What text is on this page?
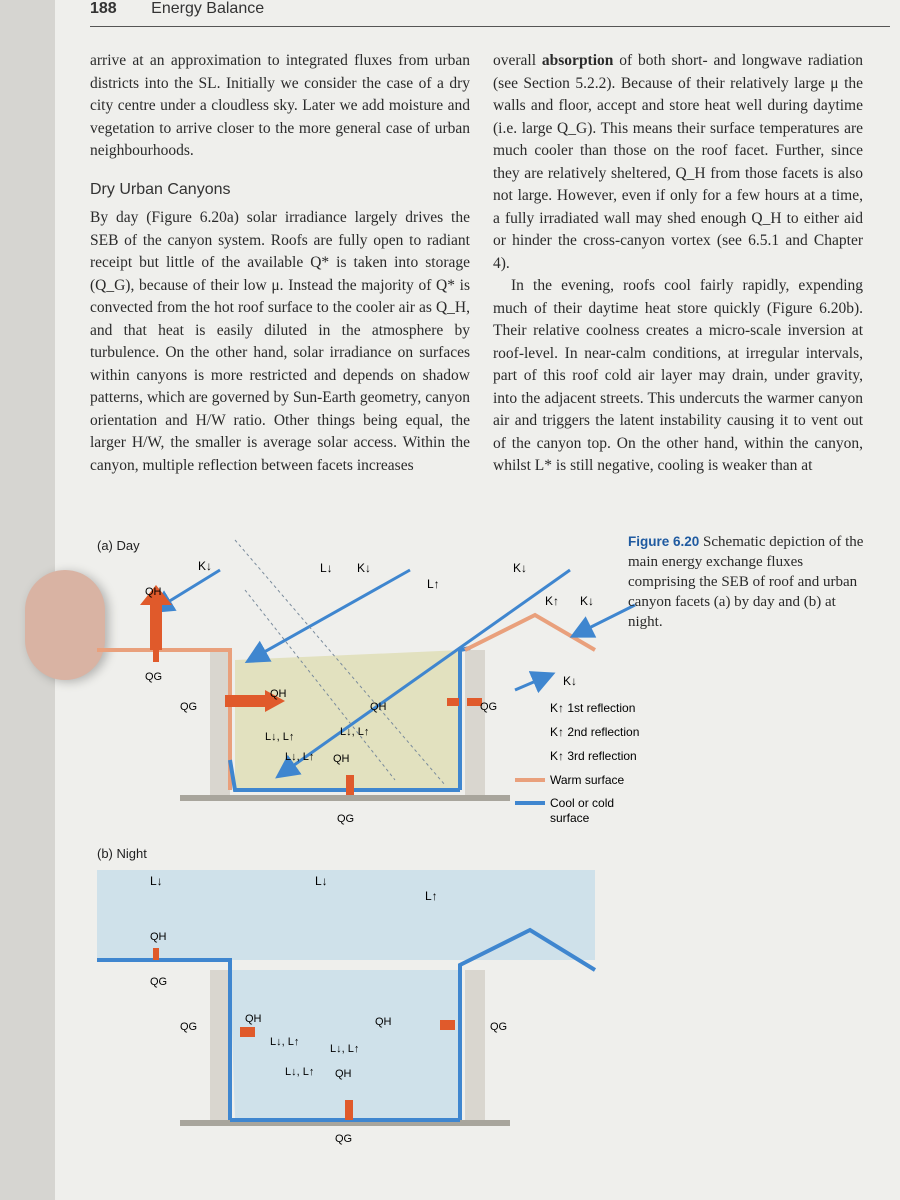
188 Energy Balance

arrive at an approximation to integrated fluxes from urban districts into the SL. Initially we consider the case of a dry city centre under a cloudless sky. Later we add moisture and vegetation to arrive closer to the more general case of urban neighbourhoods.

Dry Urban Canyons

By day (Figure 6.20a) solar irradiance largely drives the SEB of the canyon system. Roofs are fully open to radiant receipt but little of the available Q* is taken into storage (Q_G), because of their low μ. Instead the majority of Q* is convected from the hot roof surface to the cooler air as Q_H, and that heat is easily diluted in the atmosphere by turbulence. On the other hand, solar irradiance on surfaces within canyons is more restricted and depends on shadow patterns, which are governed by Sun-Earth geometry, canyon orientation and H/W ratio. Other things being equal, the larger H/W, the smaller is average solar access. Within the canyon, multiple reflection between facets increases

overall absorption of both short- and longwave radiation (see Section 5.2.2). Because of their relatively large μ the walls and floor, accept and store heat well during daytime (i.e. large Q_G). This means their surface temperatures are much cooler than those on the roof facet. Further, since they are relatively sheltered, Q_H from those facets is also not large. However, even if only for a few hours at a time, a fully irradiated wall may shed enough Q_H to either aid or hinder the cross-canyon vortex (see 6.5.1 and Chapter 4).

In the evening, roofs cool fairly rapidly, expending much of their daytime heat store quickly (Figure 6.20b). Their relative coolness creates a micro-scale inversion at roof-level. In near-calm conditions, at irregular intervals, part of this roof cold air layer may drain, under gravity, into the adjacent streets. This undercuts the warmer canyon air and triggers the latent instability causing it to vent out of the canyon top. On the other hand, within the canyon, whilst L* is still negative, cooling is weaker than at

(a) Day
K↓	L↓ K↓	K↓
L↑
K↑ K↓
QH
QG
QG
QH
L↓, L↑	L↓, L↑
L↓, L↑ QH
QH	QG
QG
K↓
K↑ 1st reflection
K↑ 2nd reflection
K↑ 3rd reflection
Warm surface
Cool or cold
surface
(b) Night
L↓	L↓
L↑
QH
QG
QG
QH
L↓, L↑
L↓, L↑
L↓, L↑ QH
QH	QG
QG
Figure 6.20 Schematic depiction of the main energy exchange fluxes comprising the SEB of roof and urban canyon facets (a) by day and (b) at night.
